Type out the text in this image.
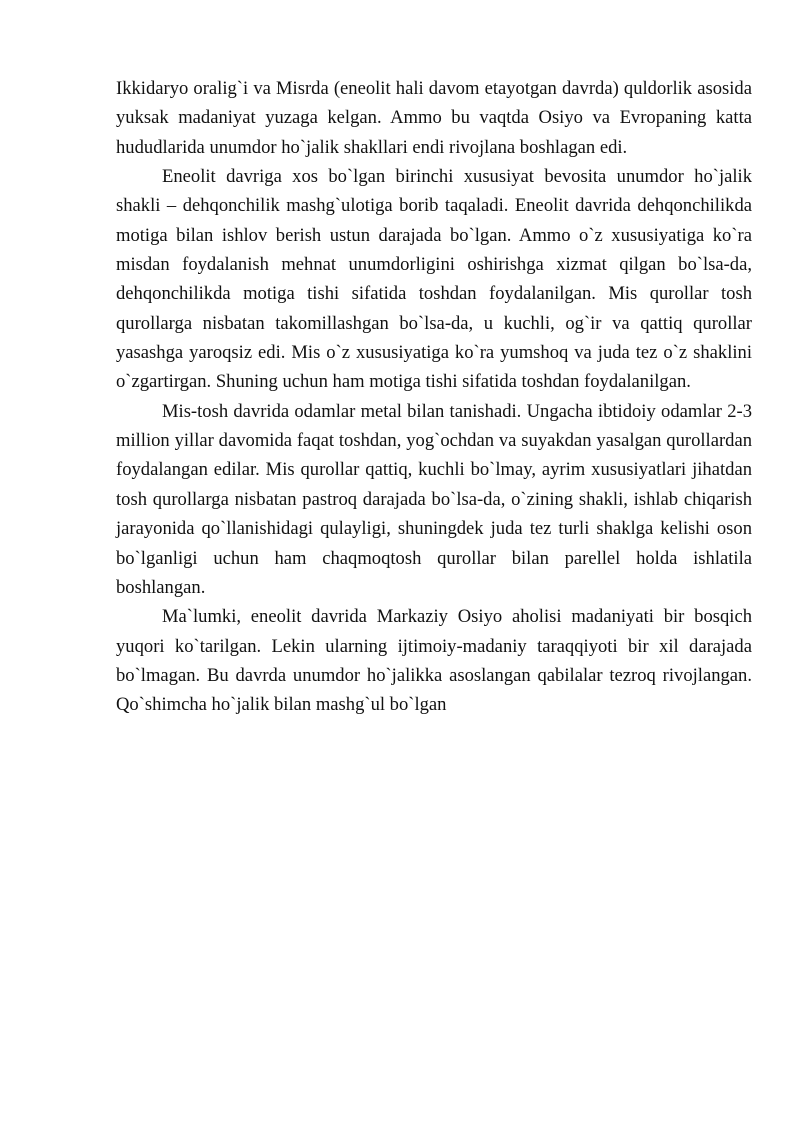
Ikkidaryo oralig`i va Misrda (eneolit hali davom etayotgan davrda) quldorlik asosida yuksak madaniyat yuzaga kelgan. Ammo bu vaqtda Osiyo va Evropaning katta hududlarida unumdor ho`jalik shakllari endi rivojlana boshlagan edi.

Eneolit davriga xos bo`lgan birinchi xususiyat bevosita unumdor ho`jalik shakli – dehqonchilik mashg`ulotiga borib taqaladi. Eneolit davrida dehqonchilikda motiga bilan ishlov berish ustun darajada bo`lgan. Ammo o`z xususiyatiga ko`ra misdan foydalanish mehnat unumdorligini oshirishga xizmat qilgan bo`lsa-da, dehqonchilikda motiga tishi sifatida toshdan foydalanilgan. Mis qurollar tosh qurollarga nisbatan takomillashgan bo`lsa-da, u kuchli, og`ir va qattiq qurollar yasashga yaroqsiz edi. Mis o`z xususiyatiga ko`ra yumshoq va juda tez o`z shaklini o`zgartirgan. Shuning uchun ham motiga tishi sifatida toshdan foydalanilgan.

Mis-tosh davrida odamlar metal bilan tanishadi. Ungacha ibtidoiy odamlar 2-3 million yillar davomida faqat toshdan, yog`ochdan va suyakdan yasalgan qurollardan foydalangan edilar. Mis qurollar qattiq, kuchli bo`lmay, ayrim xususiyatlari jihatdan tosh qurollarga nisbatan pastroq darajada bo`lsa-da, o`zining shakli, ishlab chiqarish jarayonida qo`llanishidagi qulayligi, shuningdek juda tez turli shaklga kelishi oson bo`lganligi uchun ham chaqmoqtosh qurollar bilan parellel holda ishlatila boshlangan.

Ma`lumki, eneolit davrida Markaziy Osiyo aholisi madaniyati bir bosqich yuqori ko`tarilgan. Lekin ularning ijtimoiy-madaniy taraqqiyoti bir xil darajada bo`lmagan. Bu davrda unumdor ho`jalikka asoslangan qabilalar tezroq rivojlangan. Qo`shimcha ho`jalik bilan mashg`ul bo`lgan
